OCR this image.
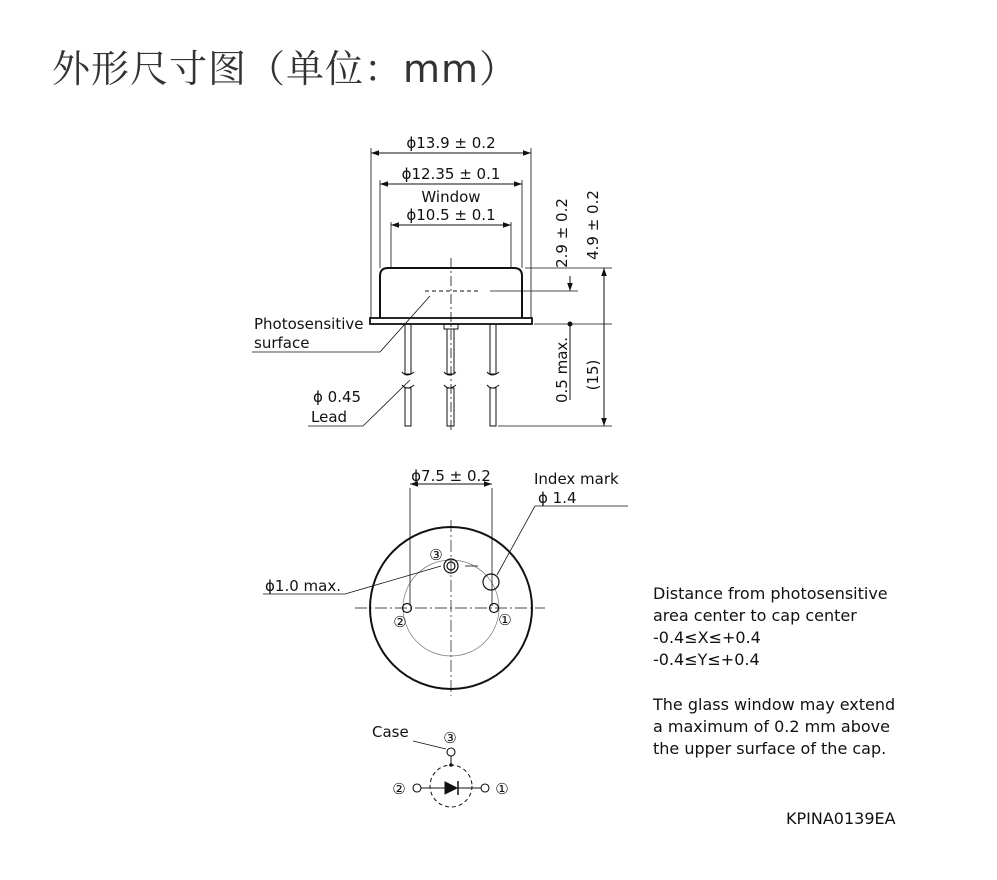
外形尺寸图（单位：mm）
ϕ13.9 ± 0.2
ϕ12.35 ± 0.1
Window
ϕ10.5 ± 0.1	2.9 ± 0.2 4.9 ± 0.2
0.5 max. (15)
Photosensitive
surface
ϕ 0.45
Lead
ϕ7.5 ± 0.2	Index mark
ϕ 1.4
ϕ1.0 max.
③
②	①
Case ③
②	①
Distance from photosensitive
area center to cap center
-0.4≤X≤+0.4
-0.4≤Y≤+0.4
The glass window may extend
a maximum of 0.2 mm above
the upper surface of the cap.
KPINA0139EA
